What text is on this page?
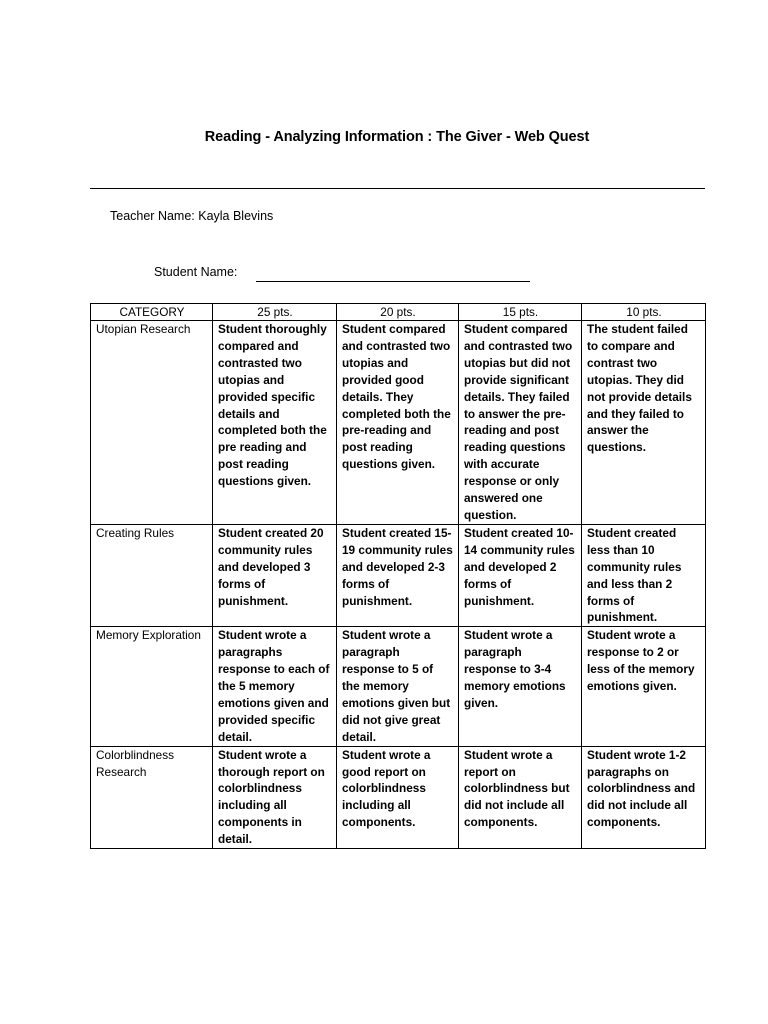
Reading - Analyzing Information : The Giver - Web Quest
Teacher Name: Kayla Blevins
Student Name:
CATEGORY	25 pts.	20 pts.	15 pts.	10 pts.
Utopian Research	Student thoroughly compared and contrasted two utopias and provided specific details and completed both the pre reading and post reading questions given.	Student compared and contrasted two utopias and provided good details. They completed both the pre-reading and post reading questions given.	Student compared and contrasted two utopias but did not provide significant details. They failed to answer the pre-reading and post reading questions with accurate response or only answered one question.	The student failed to compare and contrast two utopias. They did not provide details and they failed to answer the questions.
Creating Rules	Student created 20 community rules and developed 3 forms of punishment.	Student created 15-19 community rules and developed 2-3 forms of punishment.	Student created 10-14 community rules and developed 2 forms of punishment.	Student created less than 10 community rules and less than 2 forms of punishment.
Memory Exploration	Student wrote a paragraphs response to each of the 5 memory emotions given and provided specific detail.	Student wrote a paragraph response to 5 of the memory emotions given but did not give great detail.	Student wrote a paragraph response to 3-4 memory emotions given.	Student wrote a response to 2 or less of the memory emotions given.
Colorblindness Research	Student wrote a thorough report on colorblindness including all components in detail.	Student wrote a good report on colorblindness including all components.	Student wrote a report on colorblindness but did not include all components.	Student wrote 1-2 paragraphs on colorblindness and did not include all components.
